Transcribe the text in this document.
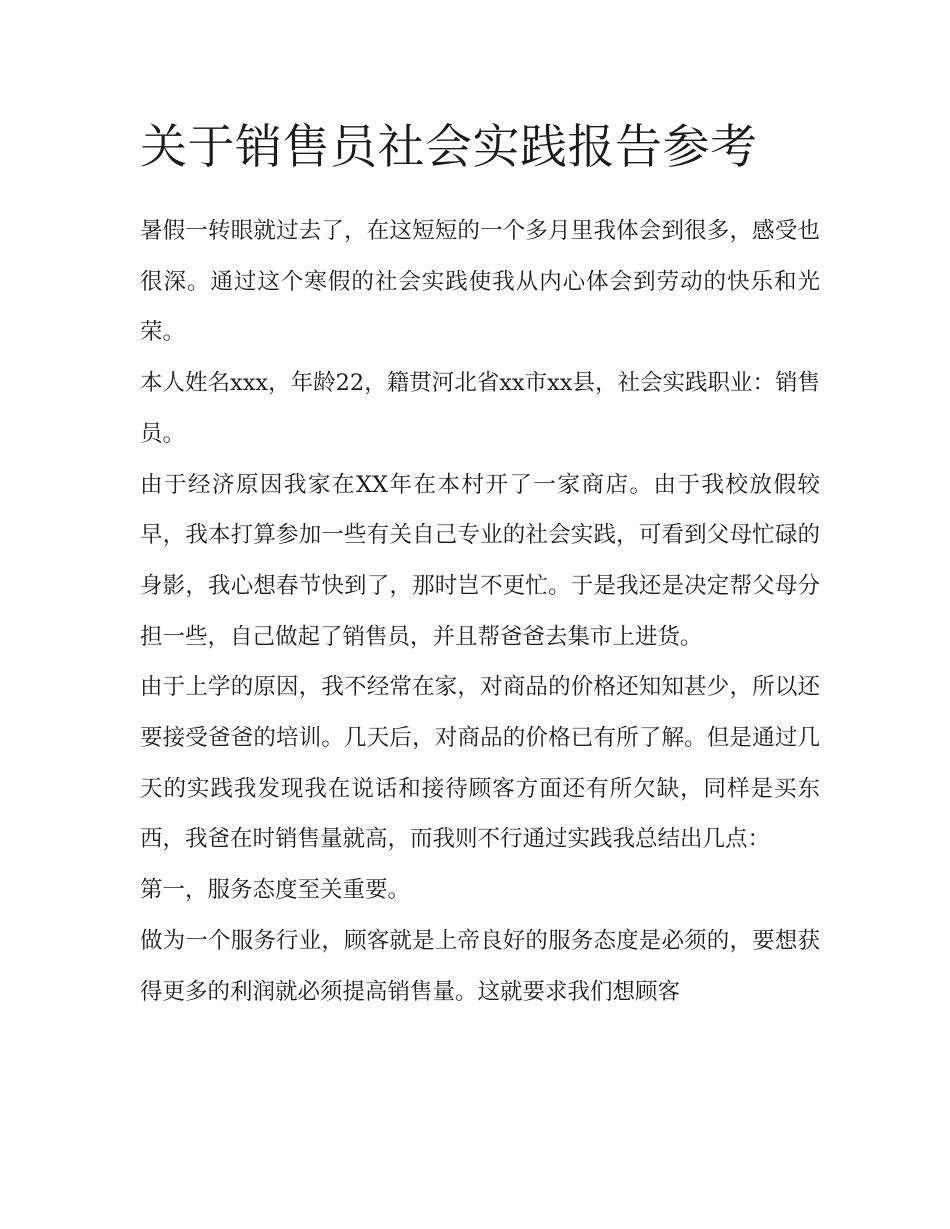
关于销售员社会实践报告参考

暑假一转眼就过去了，在这短短的一个多月里我体会到很多，感受也很深。通过这个寒假的社会实践使我从内心体会到劳动的快乐和光荣。

本人姓名xxx，年龄22，籍贯河北省xx市xx县，社会实践职业：销售员。

由于经济原因我家在XX年在本村开了一家商店。由于我校放假较早，我本打算参加一些有关自己专业的社会实践，可看到父母忙碌的身影，我心想春节快到了，那时岂不更忙。于是我还是决定帮父母分担一些，自己做起了销售员，并且帮爸爸去集市上进货。

由于上学的原因，我不经常在家，对商品的价格还知知甚少，所以还要接受爸爸的培训。几天后，对商品的价格已有所了解。但是通过几天的实践我发现我在说话和接待顾客方面还有所欠缺，同样是买东西，我爸在时销售量就高，而我则不行通过实践我总结出几点：

第一，服务态度至关重要。

做为一个服务行业，顾客就是上帝良好的服务态度是必须的，要想获得更多的利润就必须提高销售量。这就要求我们想顾客
